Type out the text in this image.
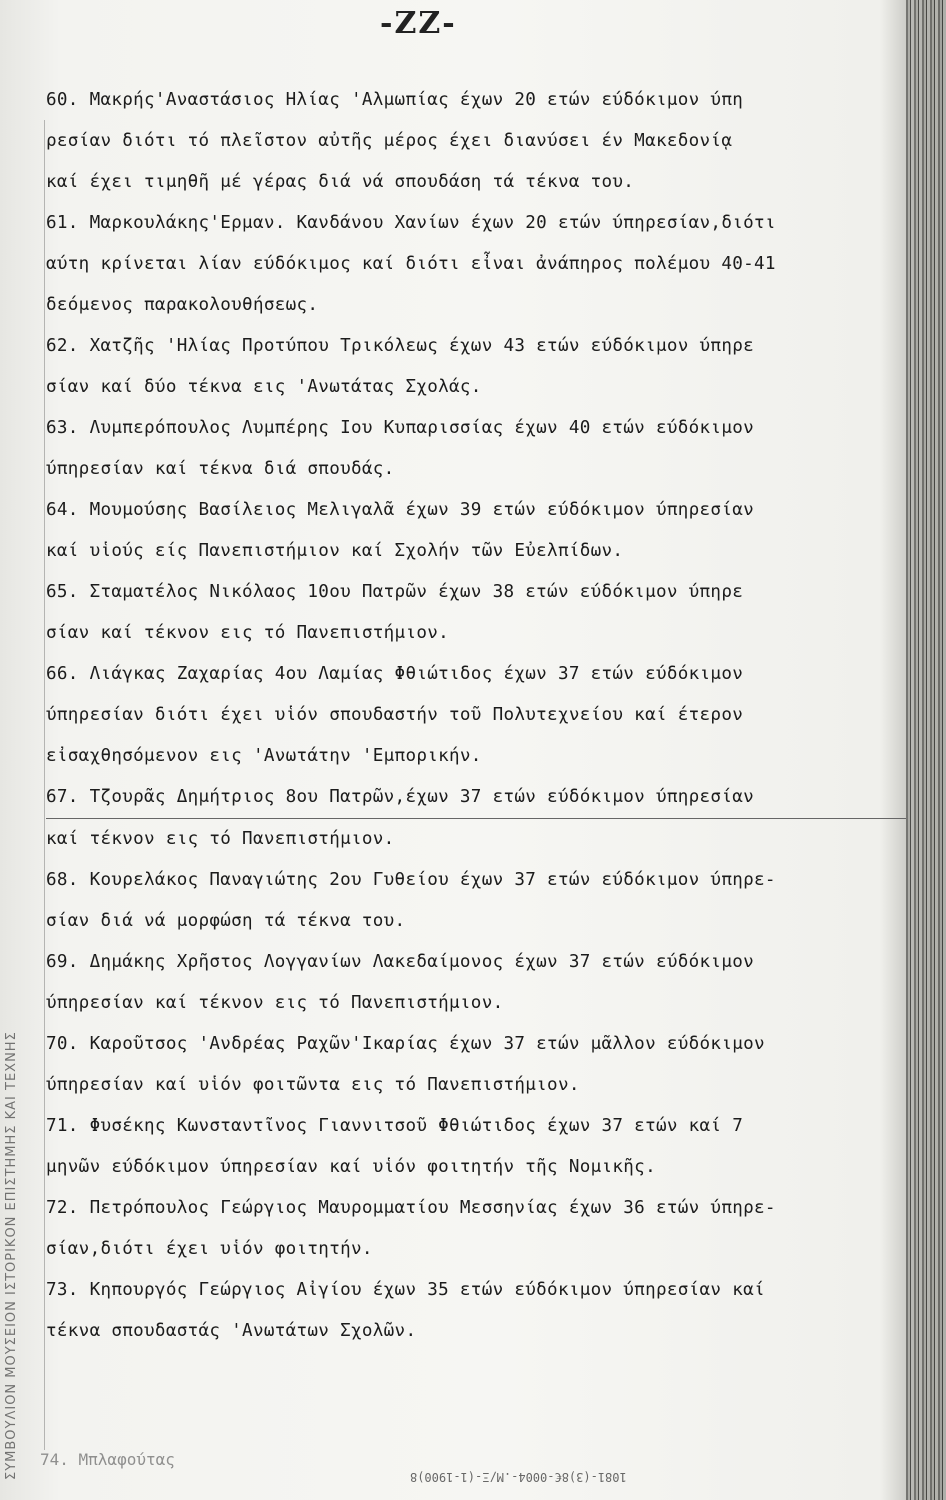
ΣΥΜΒΟΥΛΙΟΝ ΜΟΥΣΕΙΟΝ ΙΣΤΟΡΙΚΟΝ ΕΠΙΣΤΗΜΗΣ ΚΑΙ ΤΕΧΝΗΣ
-ΖΖ-
60. Μακρής'Αναστάσιος Ηλίας 'Αλμωπίας έχων 20 ετών εύδόκιμον ύπη
ρεσίαν διότι τό πλεῖστον αὐτῆς μέρος έχει διανύσει έν Μακεδονίᾳ
καί έχει τιμηθῆ μέ γέρας διά νά σπουδάση τά τέκνα του.
61. Μαρκουλάκης'Ερμαν. Κανδάνου Χανίων έχων 20 ετών ύπηρεσίαν,διότι
αύτη κρίνεται λίαν εύδόκιμος καί διότι εἶναι ἀνάπηρος πολέμου 40-41
δεόμενος παρακολουθήσεως.
62. Χατζῆς 'Ηλίας Προτύπου Τρικόλεως έχων 43 ετών εύδόκιμον ύπηρε
σίαν καί δύο τέκνα εις 'Ανωτάτας Σχολάς.
63. Λυμπερόπουλος Λυμπέρης Ιου Κυπαρισσίας έχων 40 ετών εύδόκιμον
ύπηρεσίαν καί τέκνα διά σπουδάς.
64. Μουμούσης Βασίλειος Μελιγαλᾶ έχων 39 ετών εύδόκιμον ύπηρεσίαν
καί υἱούς είς Πανεπιστήμιον καί Σχολήν τῶν Εὐελπίδων.
65. Σταματέλος Νικόλαος 10ου Πατρῶν έχων 38 ετών εύδόκιμον ύπηρε
σίαν καί τέκνον εις τό Πανεπιστήμιον.
66. Λιάγκας Ζαχαρίας 4ου Λαμίας Φθιώτιδος έχων 37 ετών εύδόκιμον
ύπηρεσίαν διότι έχει υἱόν σπουδαστήν τοῦ Πολυτεχνείου καί έτερον
εἰσαχθησόμενον εις 'Ανωτάτην 'Εμπορικήν.
67. Τζουρᾶς Δημήτριος 8ου Πατρῶν,έχων 37 ετών εύδόκιμον ύπηρεσίαν
καί τέκνον εις τό Πανεπιστήμιον.
68. Κουρελάκος Παναγιώτης 2ου Γυθείου έχων 37 ετών εύδόκιμον ύπηρε-
σίαν διά νά μορφώση τά τέκνα του.
69. Δημάκης Χρῆστος Λογγανίων Λακεδαίμονος έχων 37 ετών εύδόκιμον
ύπηρεσίαν καί τέκνον εις τό Πανεπιστήμιον.
70. Καροῦτσος 'Ανδρέας Ραχῶν'Ικαρίας έχων 37 ετών μᾶλλον εύδόκιμον
ύπηρεσίαν καί υἱόν φοιτῶντα εις τό Πανεπιστήμιον.
71. Φυσέκης Κωνσταντῖνος Γιαννιτσοῦ Φθιώτιδος έχων 37 ετών καί 7
μηνῶν εύδόκιμον ύπηρεσίαν καί υἱόν φοιτητήν τῆς Νομικῆς.
72. Πετρόπουλος Γεώργιος Μαυρομματίου Μεσσηνίας έχων 36 ετών ύπηρε-
σίαν,διότι έχει υἱόν φοιτητήν.
73. Κηπουργός Γεώργιος Αἰγίου έχων 35 ετών εύδόκιμον ύπηρεσίαν καί
τέκνα σπουδαστάς 'Ανωτάτων Σχολῶν.
74. Μπλαφούτας
1081-(3)8€-0004-.Μ/Ξ-(1-1900)8
